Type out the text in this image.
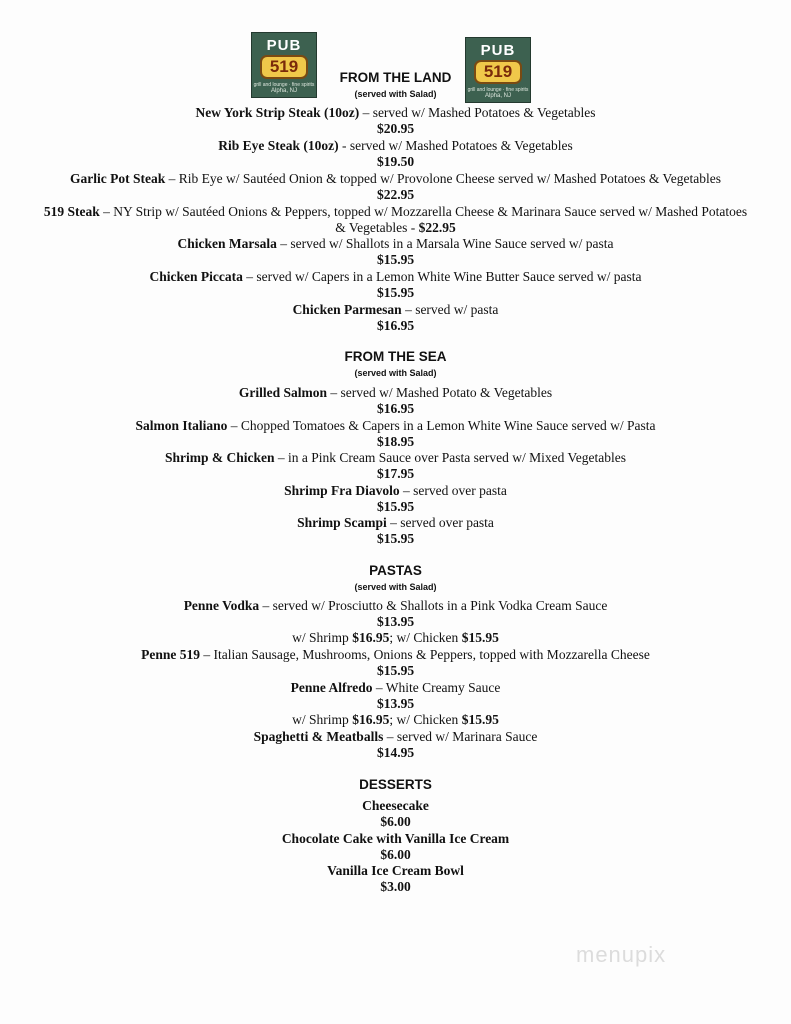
PUB
519
grill and lounge · fine spirits
Alpha, NJ
PUB
519
grill and lounge · fine spirits
Alpha, NJ
FROM THE LAND
(served with Salad)
New York Strip Steak (10oz) – served w/ Mashed Potatoes & Vegetables
$20.95
Rib Eye Steak (10oz) - served w/ Mashed Potatoes & Vegetables
$19.50
Garlic Pot Steak – Rib Eye w/ Sautéed Onion & topped w/ Provolone Cheese served w/ Mashed Potatoes & Vegetables
$22.95
519 Steak – NY Strip w/ Sautéed Onions & Peppers, topped w/ Mozzarella Cheese & Marinara Sauce served w/ Mashed Potatoes
& Vegetables - $22.95
Chicken Marsala – served w/ Shallots in a Marsala Wine Sauce served w/ pasta
$15.95
Chicken Piccata – served w/ Capers in a Lemon White Wine Butter Sauce served w/ pasta
$15.95
Chicken Parmesan – served w/ pasta
$16.95
FROM THE SEA
(served with Salad)
Grilled Salmon – served w/ Mashed Potato & Vegetables
$16.95
Salmon Italiano – Chopped Tomatoes & Capers in a Lemon White Wine Sauce served w/ Pasta
$18.95
Shrimp & Chicken – in a Pink Cream Sauce over Pasta served w/ Mixed Vegetables
$17.95
Shrimp Fra Diavolo – served over pasta
$15.95
Shrimp Scampi – served over pasta
$15.95
PASTAS
(served with Salad)
Penne Vodka – served w/ Prosciutto & Shallots in a Pink Vodka Cream Sauce
$13.95
w/ Shrimp $16.95; w/ Chicken $15.95
Penne 519 – Italian Sausage, Mushrooms, Onions & Peppers, topped with Mozzarella Cheese
$15.95
Penne Alfredo – White Creamy Sauce
$13.95
w/ Shrimp $16.95; w/ Chicken $15.95
Spaghetti & Meatballs – served w/ Marinara Sauce
$14.95
DESSERTS
Cheesecake
$6.00
Chocolate Cake with Vanilla Ice Cream
$6.00
Vanilla Ice Cream Bowl
$3.00
menupix
